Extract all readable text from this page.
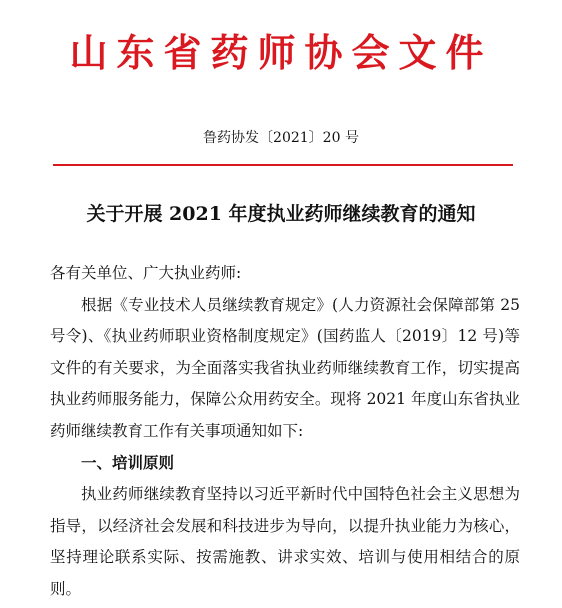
山东省药师协会文件
鲁药协发〔2021〕20 号
关于开展 2021 年度执业药师继续教育的通知

各有关单位、广大执业药师:

根据《专业技术人员继续教育规定》(人力资源社会保障部第 25 号令)、《执业药师职业资格制度规定》(国药监人〔2019〕12 号)等文件的有关要求，为全面落实我省执业药师继续教育工作，切实提高执业药师服务能力，保障公众用药安全。现将 2021 年度山东省执业药师继续教育工作有关事项通知如下:

一、培训原则

执业药师继续教育坚持以习近平新时代中国特色社会主义思想为指导，以经济社会发展和科技进步为导向，以提升执业能力为核心，坚持理论联系实际、按需施教、讲求实效、培训与使用相结合的原则。
